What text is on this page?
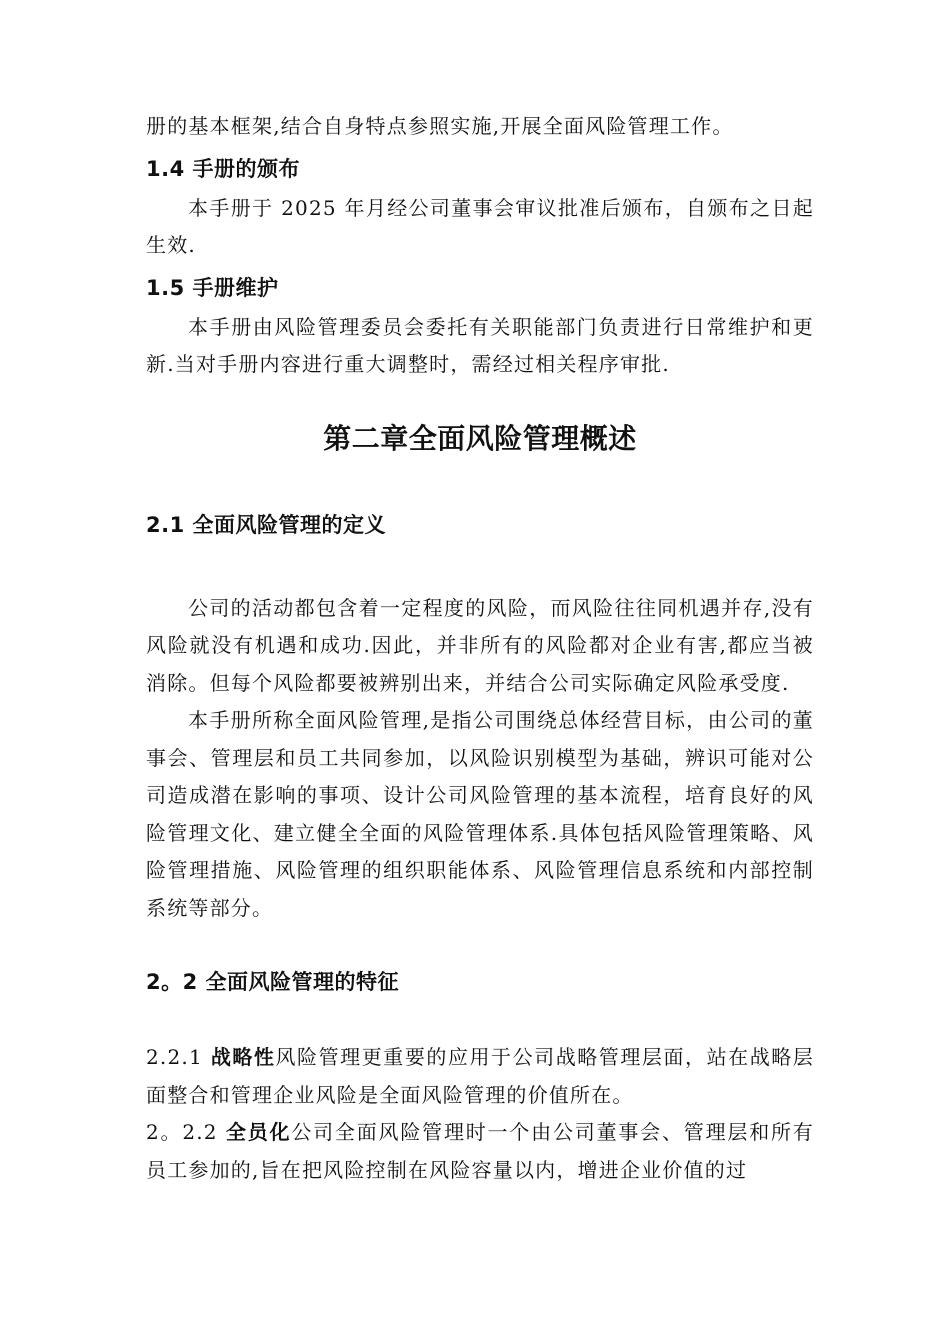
册的基本框架,结合自身特点参照实施,开展全面风险管理工作。

1.4 手册的颁布

本手册于 2025 年月经公司董事会审议批准后颁布，自颁布之日起生效.

1.5 手册维护

本手册由风险管理委员会委托有关职能部门负责进行日常维护和更新.当对手册内容进行重大调整时，需经过相关程序审批.

第二章全面风险管理概述
2.1 全面风险管理的定义

公司的活动都包含着一定程度的风险，而风险往往同机遇并存,没有风险就没有机遇和成功.因此，并非所有的风险都对企业有害,都应当被消除。但每个风险都要被辨别出来，并结合公司实际确定风险承受度.

本手册所称全面风险管理,是指公司围绕总体经营目标，由公司的董事会、管理层和员工共同参加，以风险识别模型为基础，辨识可能对公司造成潜在影响的事项、设计公司风险管理的基本流程，培育良好的风险管理文化、建立健全全面的风险管理体系.具体包括风险管理策略、风险管理措施、风险管理的组织职能体系、风险管理信息系统和内部控制系统等部分。

2。2 全面风险管理的特征

2.2.1 战略性风险管理更重要的应用于公司战略管理层面，站在战略层面整合和管理企业风险是全面风险管理的价值所在。

2。2.2 全员化公司全面风险管理时一个由公司董事会、管理层和所有员工参加的,旨在把风险控制在风险容量以内，增进企业价值的过
